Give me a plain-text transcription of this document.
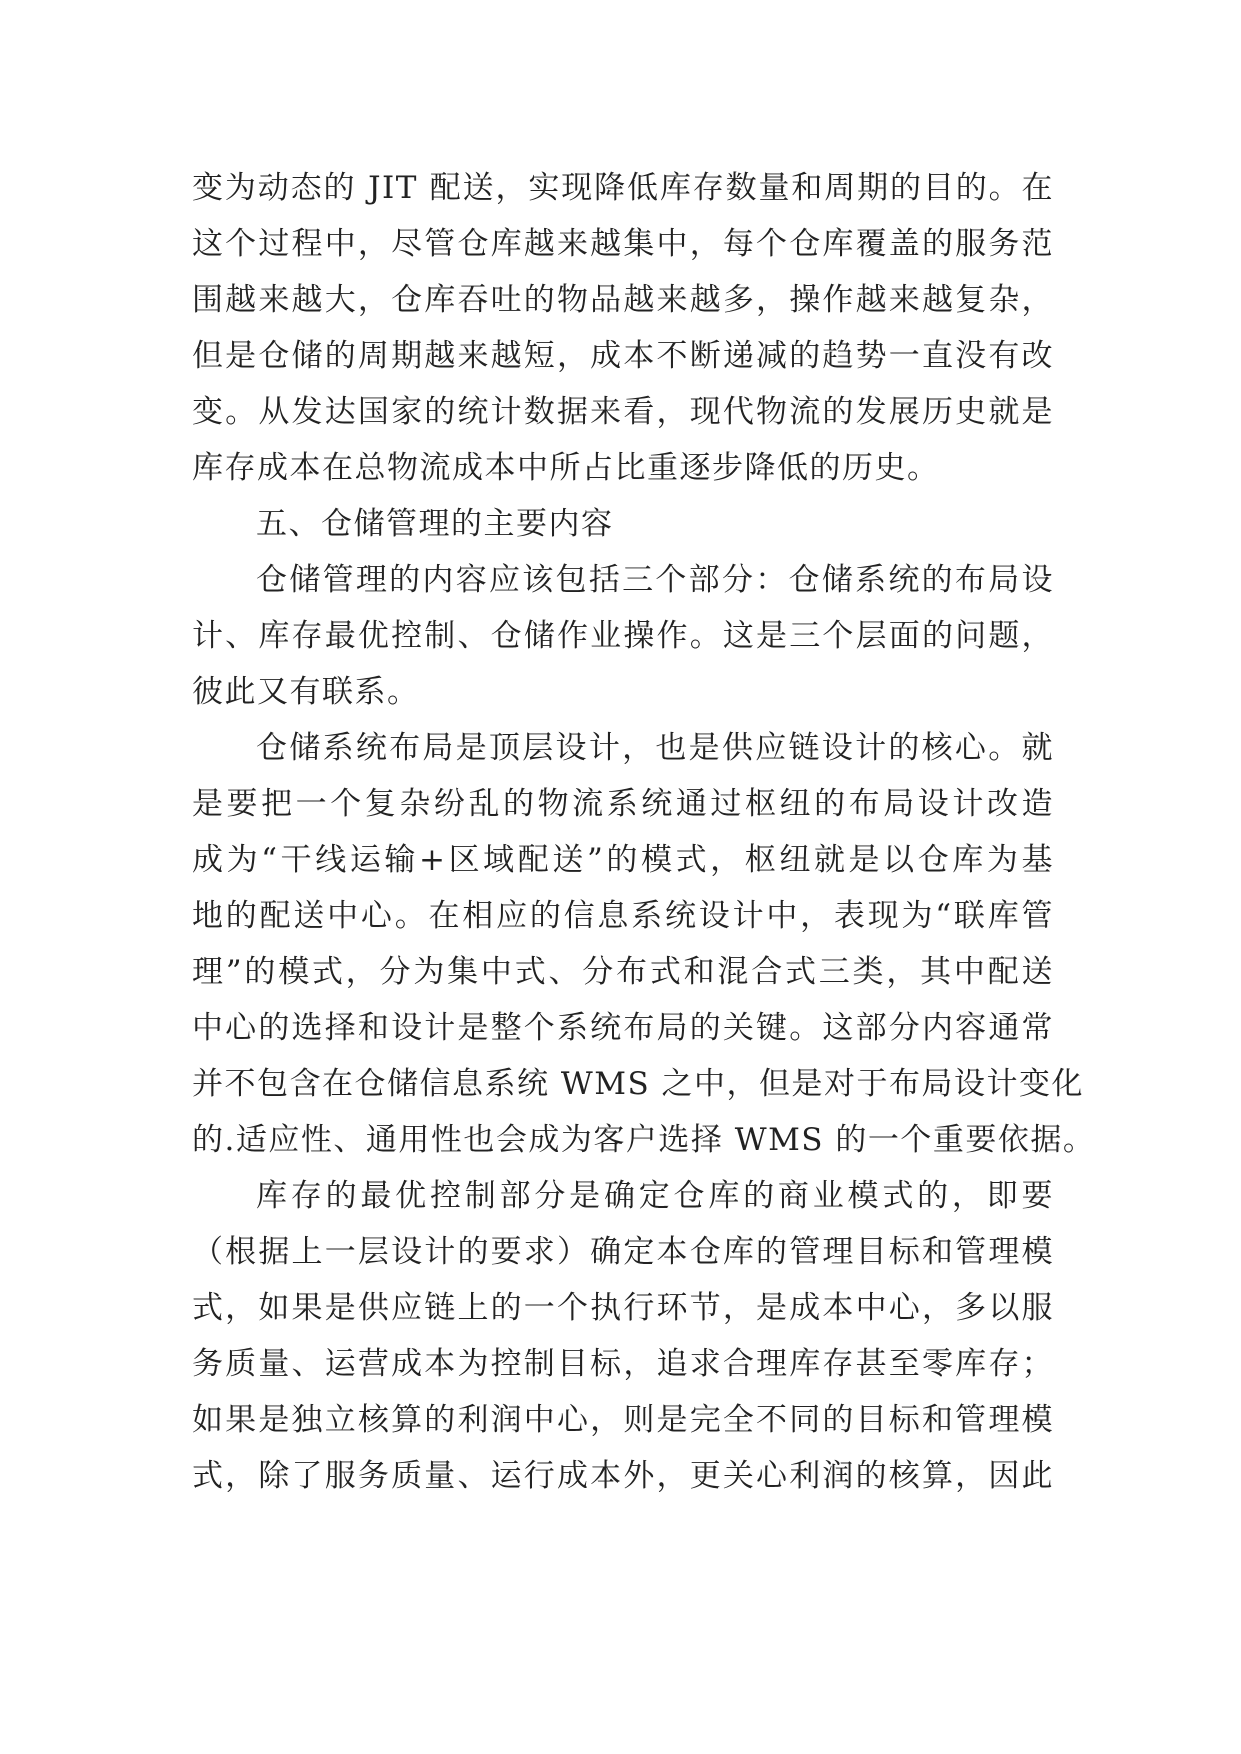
变为动态的 JIT 配送，实现降低库存数量和周期的目的。在
这个过程中，尽管仓库越来越集中，每个仓库覆盖的服务范
围越来越大，仓库吞吐的物品越来越多，操作越来越复杂，
但是仓储的周期越来越短，成本不断递减的趋势一直没有改
变。从发达国家的统计数据来看，现代物流的发展历史就是
库存成本在总物流成本中所占比重逐步降低的历史。
五、仓储管理的主要内容
仓储管理的内容应该包括三个部分：仓储系统的布局设
计、库存最优控制、仓储作业操作。这是三个层面的问题，
彼此又有联系。
仓储系统布局是顶层设计，也是供应链设计的核心。就
是要把一个复杂纷乱的物流系统通过枢纽的布局设计改造
成为“干线运输+区域配送”的模式，枢纽就是以仓库为基
地的配送中心。在相应的信息系统设计中，表现为“联库管
理”的模式，分为集中式、分布式和混合式三类，其中配送
中心的选择和设计是整个系统布局的关键。这部分内容通常
并不包含在仓储信息系统 WMS 之中，但是对于布局设计变化
的.适应性、通用性也会成为客户选择 WMS 的一个重要依据。
库存的最优控制部分是确定仓库的商业模式的，即要
（根据上一层设计的要求）确定本仓库的管理目标和管理模
式，如果是供应链上的一个执行环节，是成本中心，多以服
务质量、运营成本为控制目标，追求合理库存甚至零库存；
如果是独立核算的利润中心，则是完全不同的目标和管理模
式，除了服务质量、运行成本外，更关心利润的核算，因此
